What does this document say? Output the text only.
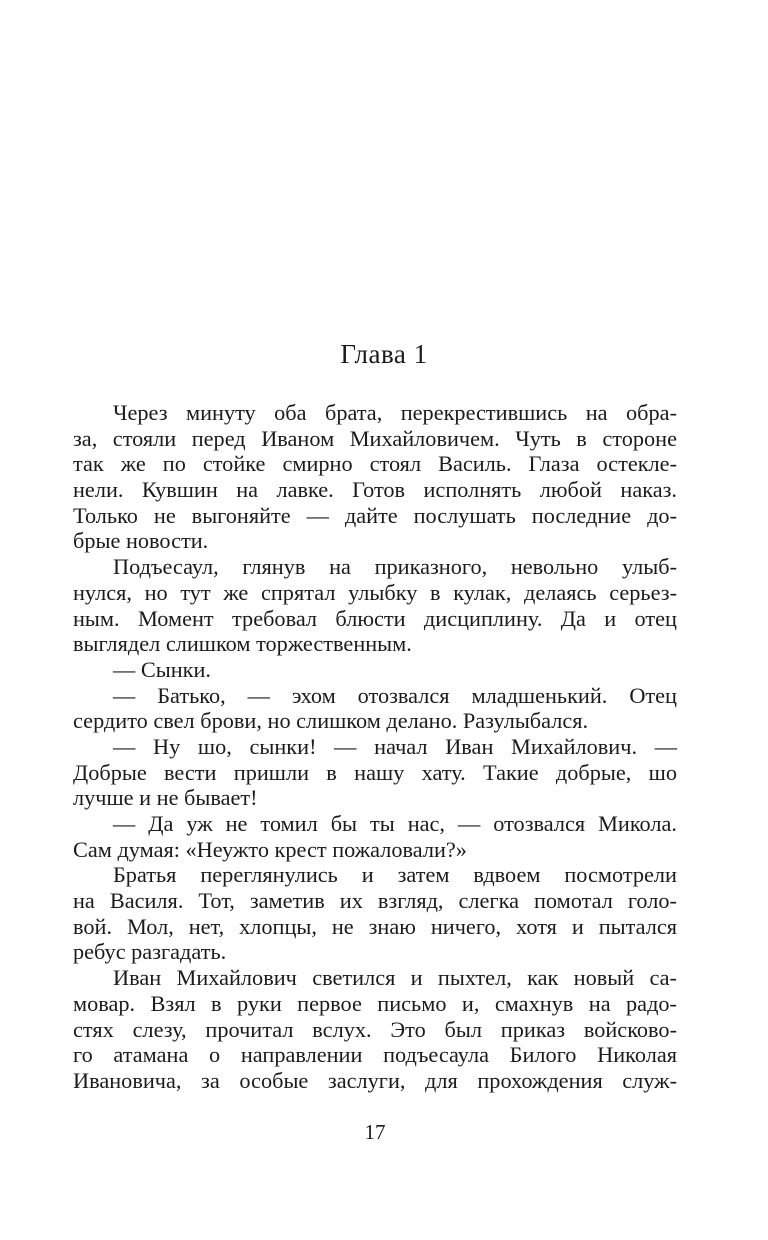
Глава 1
Через минуту оба брата, перекрестившись на обра-
за, стояли перед Иваном Михайловичем. Чуть в стороне
так же по стойке смирно стоял Василь. Глаза остекле-
нели. Кувшин на лавке. Готов исполнять любой наказ.
Только не выгоняйте — дайте послушать последние до-
брые новости.
Подъесаул, глянув на приказного, невольно улыб-
нулся, но тут же спрятал улыбку в кулак, делаясь серьез-
ным. Момент требовал блюсти дисциплину. Да и отец
выглядел слишком торжественным.
— Сынки.
— Батько, — эхом отозвался младшенький. Отец
сердито свел брови, но слишком делано. Разулыбался.
— Ну шо, сынки! — начал Иван Михайлович. —
Добрые вести пришли в нашу хату. Такие добрые, шо
лучше и не бывает!
— Да уж не томил бы ты нас, — отозвался Микола.
Сам думая: «Неужто крест пожаловали?»
Братья переглянулись и затем вдвоем посмотрели
на Василя. Тот, заметив их взгляд, слегка помотал голо-
вой. Мол, нет, хлопцы, не знаю ничего, хотя и пытался
ребус разгадать.
Иван Михайлович светился и пыхтел, как новый са-
мовар. Взял в руки первое письмо и, смахнув на радо-
стях слезу, прочитал вслух. Это был приказ войсково-
го атамана о направлении подъесаула Билого Николая
Ивановича, за особые заслуги, для прохождения служ-
17
